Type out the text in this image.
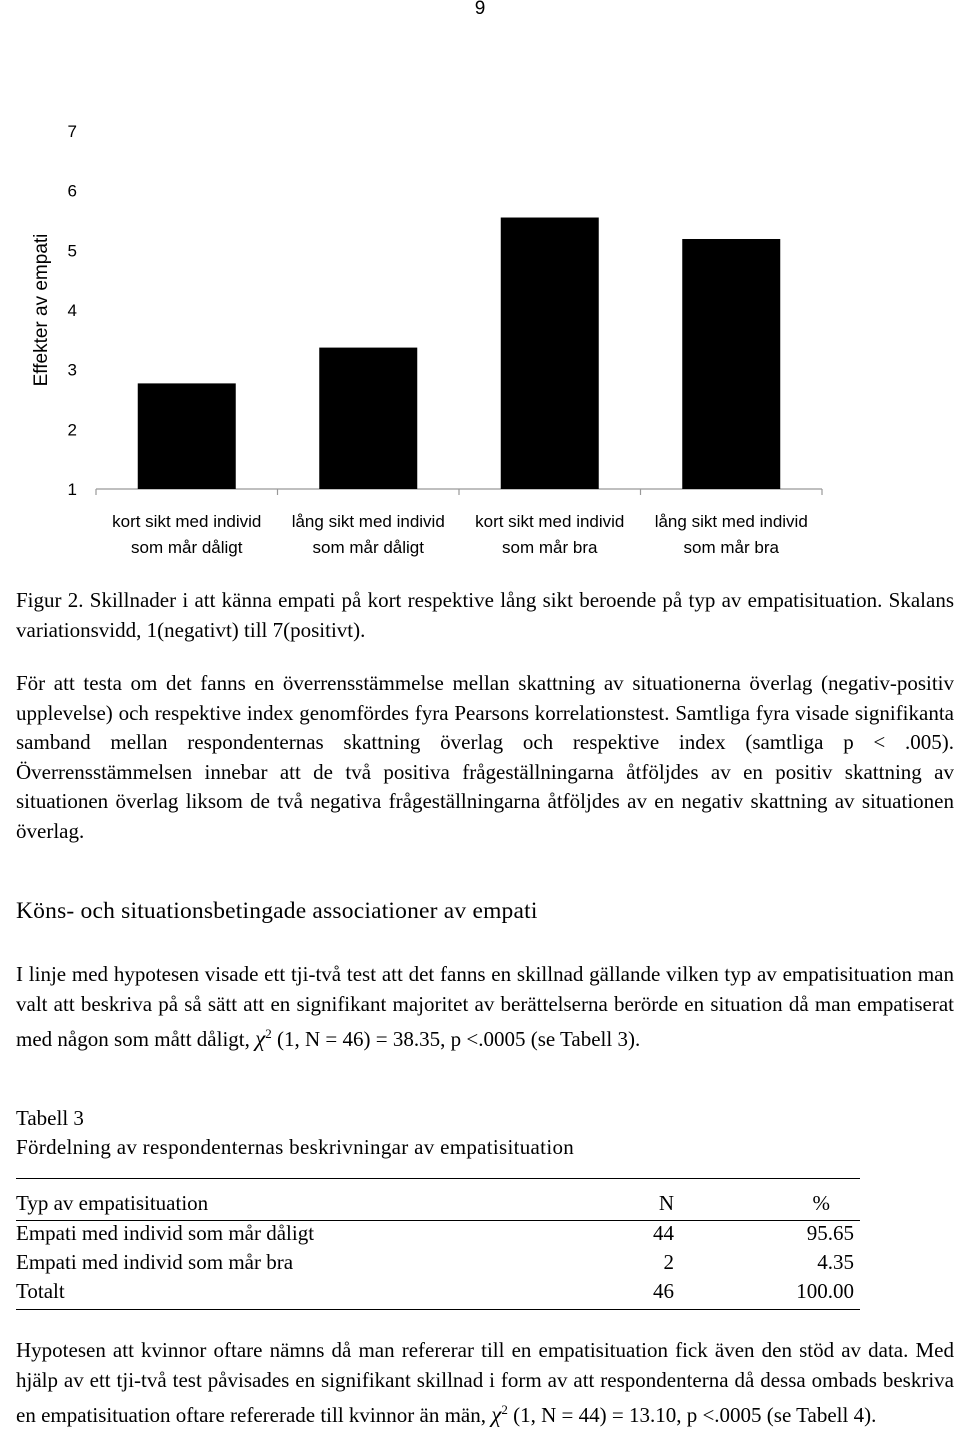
9
1
2
3
4
5
6
7
Effekter av empati
kort sikt med individ
som mår dåligt
lång sikt med individ
som mår dåligt
kort sikt med individ
som mår bra
lång sikt med individ
som mår bra

Figur 2. Skillnader i att känna empati på kort respektive lång sikt beroende på typ av empatisituation. Skalans variationsvidd, 1(negativt) till 7(positivt).

För att testa om det fanns en överrensstämmelse mellan skattning av situationerna överlag (negativ-positiv upplevelse) och respektive index genomfördes fyra Pearsons korrelationstest. Samtliga fyra visade signifikanta samband mellan respondenternas skattning överlag och respektive index (samtliga p < .005). Överrensstämmelsen innebar att de två positiva frågeställningarna åtföljdes av en positiv skattning av situationen överlag liksom de två negativa frågeställningarna åtföljdes av en negativ skattning av situationen överlag.

Köns- och situationsbetingade associationer av empati

I linje med hypotesen visade ett tji-två test att det fanns en skillnad gällande vilken typ av empatisituation man valt att beskriva på så sätt att en signifikant majoritet av berättelserna berörde en situation då man empatiserat med någon som mått dåligt, $\chi^2$ (1, N = 46) = 38.35, p <.0005 (se Tabell 3).

Tabell 3

Fördelning av respondenternas beskrivningar av empatisituation

Typ av empatisituation	N	%
Empati med individ som mår dåligt	44	95.65
Empati med individ som mår bra	2	4.35
Totalt	46	100.00

Hypotesen att kvinnor oftare nämns då man refererar till en empatisituation fick även den stöd av data. Med hjälp av ett tji-två test påvisades en signifikant skillnad i form av att respondenterna då dessa ombads beskriva en empatisituation oftare refererade till kvinnor än män, $\chi^2$ (1, N = 44) = 13.10, p <.0005 (se Tabell 4).
